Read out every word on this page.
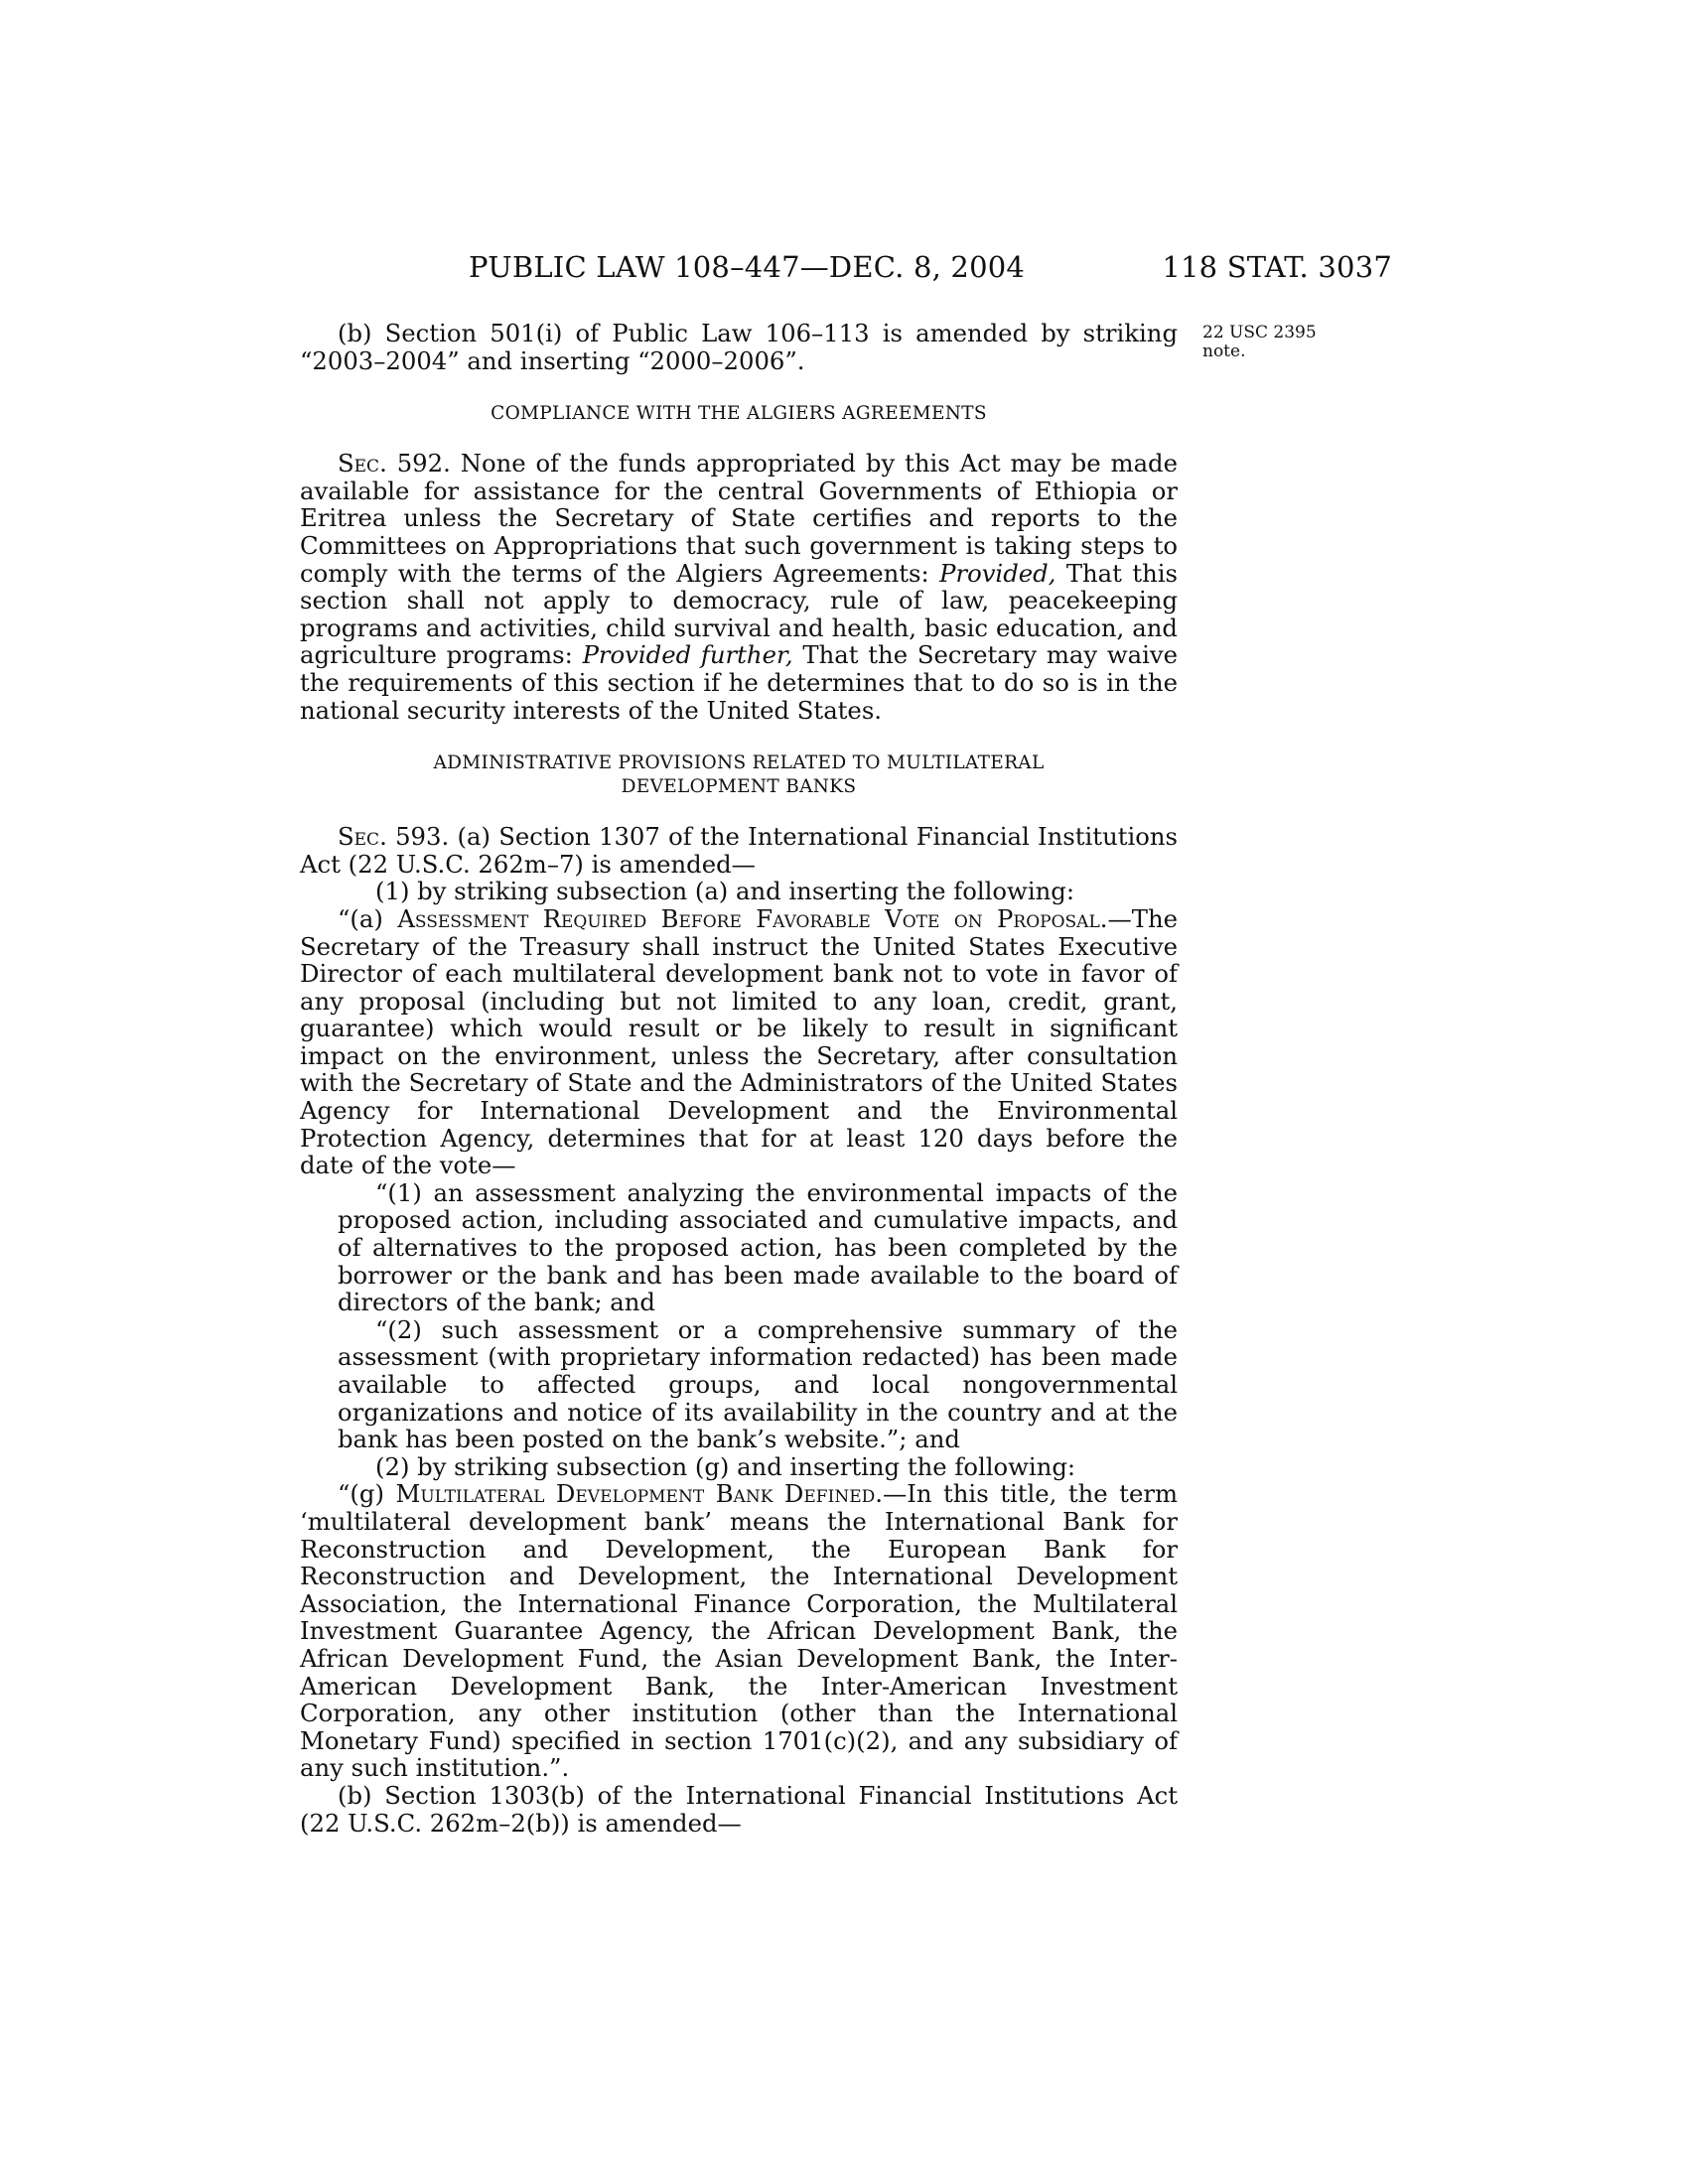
PUBLIC LAW 108–447—DEC. 8, 2004	118 STAT. 3037
22 USC 2395
note.

(b) Section 501(i) of Public Law 106–113 is amended by striking “2003–2004” and inserting “2000–2006”.

COMPLIANCE WITH THE ALGIERS AGREEMENTS

Sec. 592. None of the funds appropriated by this Act may be made available for assistance for the central Governments of Ethiopia or Eritrea unless the Secretary of State certifies and reports to the Committees on Appropriations that such government is taking steps to comply with the terms of the Algiers Agreements: Provided, That this section shall not apply to democracy, rule of law, peacekeeping programs and activities, child survival and health, basic education, and agriculture programs: Provided further, That the Secretary may waive the requirements of this section if he determines that to do so is in the national security interests of the United States.

ADMINISTRATIVE PROVISIONS RELATED TO MULTILATERAL
DEVELOPMENT BANKS

Sec. 593. (a) Section 1307 of the International Financial Institutions Act (22 U.S.C. 262m–7) is amended—

(1) by striking subsection (a) and inserting the following:

“(a) Assessment Required Before Favorable Vote on Proposal.—The Secretary of the Treasury shall instruct the United States Executive Director of each multilateral development bank not to vote in favor of any proposal (including but not limited to any loan, credit, grant, guarantee) which would result or be likely to result in significant impact on the environment, unless the Secretary, after consultation with the Secretary of State and the Administrators of the United States Agency for International Development and the Environmental Protection Agency, determines that for at least 120 days before the date of the vote—

“(1) an assessment analyzing the environmental impacts of the proposed action, including associated and cumulative impacts, and of alternatives to the proposed action, has been completed by the borrower or the bank and has been made available to the board of directors of the bank; and

“(2) such assessment or a comprehensive summary of the assessment (with proprietary information redacted) has been made available to affected groups, and local nongovernmental organizations and notice of its availability in the country and at the bank has been posted on the bank’s website.”; and

(2) by striking subsection (g) and inserting the following:

“(g) Multilateral Development Bank Defined.—In this title, the term ‘multilateral development bank’ means the International Bank for Reconstruction and Development, the European Bank for Reconstruction and Development, the International Development Association, the International Finance Corporation, the Multilateral Investment Guarantee Agency, the African Development Bank, the African Development Fund, the Asian Development Bank, the Inter-American Development Bank, the Inter-American Investment Corporation, any other institution (other than the International Monetary Fund) specified in section 1701(c)(2), and any subsidiary of any such institution.”.

(b) Section 1303(b) of the International Financial Institutions Act (22 U.S.C. 262m–2(b)) is amended—
